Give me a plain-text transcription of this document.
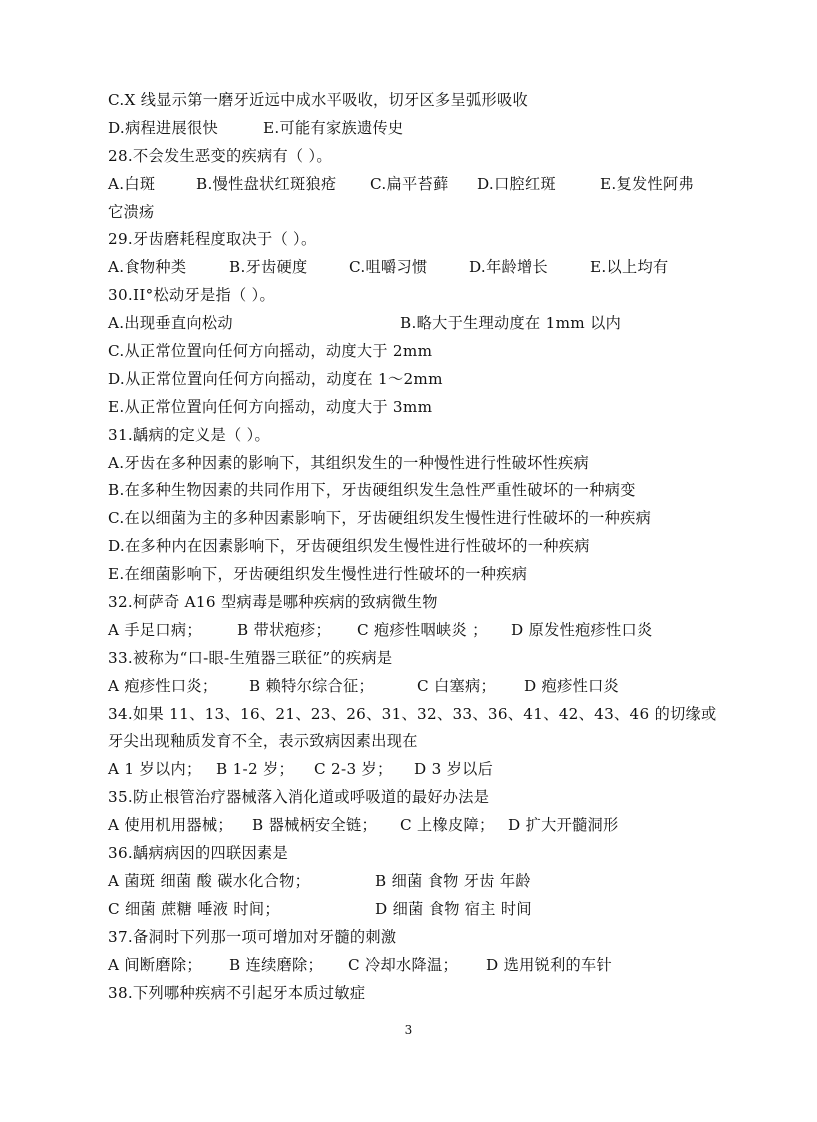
C.X 线显示第一磨牙近远中成水平吸收，切牙区多呈弧形吸收
D.病程进展很快	E.可能有家族遗传史
28.不会发生恶变的疾病有（ ）。
A.白斑	B.慢性盘状红斑狼疮 C.扁平苔藓 D.口腔红斑	E.复发性阿弗
它溃疡
29.牙齿磨耗程度取决于（ ）。
A.食物种类	B.牙齿硬度	C.咀嚼习惯	D.年龄增长	E.以上均有
30.II°松动牙是指（ ）。
A.出现垂直向松动	B.略大于生理动度在 1mm 以内
C.从正常位置向任何方向摇动，动度大于 2mm
D.从正常位置向任何方向摇动，动度在 1～2mm
E.从正常位置向任何方向摇动，动度大于 3mm
31.龋病的定义是（ ）。
A.牙齿在多种因素的影响下，其组织发生的一种慢性进行性破坏性疾病
B.在多种生物因素的共同作用下，牙齿硬组织发生急性严重性破坏的一种病变
C.在以细菌为主的多种因素影响下，牙齿硬组织发生慢性进行性破坏的一种疾病
D.在多种内在因素影响下，牙齿硬组织发生慢性进行性破坏的一种疾病
E.在细菌影响下，牙齿硬组织发生慢性进行性破坏的一种疾病
32.柯萨奇 A16 型病毒是哪种疾病的致病微生物
A 手足口病； B 带状疱疹； C 疱疹性咽峡炎 ； D 原发性疱疹性口炎
33.被称为“口-眼-生殖器三联征”的疾病是
A 疱疹性口炎； B 赖特尔综合征；	C 白塞病； D 疱疹性口炎
34.如果 11、13、16、21、23、26、31、32、33、36、41、42、43、46 的切缘或
牙尖出现釉质发育不全，表示致病因素出现在
A 1 岁以内； B 1-2 岁； C 2-3 岁； D 3 岁以后
35.防止根管治疗器械落入消化道或呼吸道的最好办法是
A 使用机用器械； B 器械柄安全链； C 上橡皮障； D 扩大开髓洞形
36.龋病病因的四联因素是
A 菌斑 细菌 酸 碳水化合物；	B 细菌 食物 牙齿 年龄
C 细菌 蔗糖 唾液 时间；	D 细菌 食物 宿主 时间
37.备洞时下列那一项可增加对牙髓的刺激
A 间断磨除； B 连续磨除； C 冷却水降温； D 选用锐利的车针
38.下列哪种疾病不引起牙本质过敏症
3
